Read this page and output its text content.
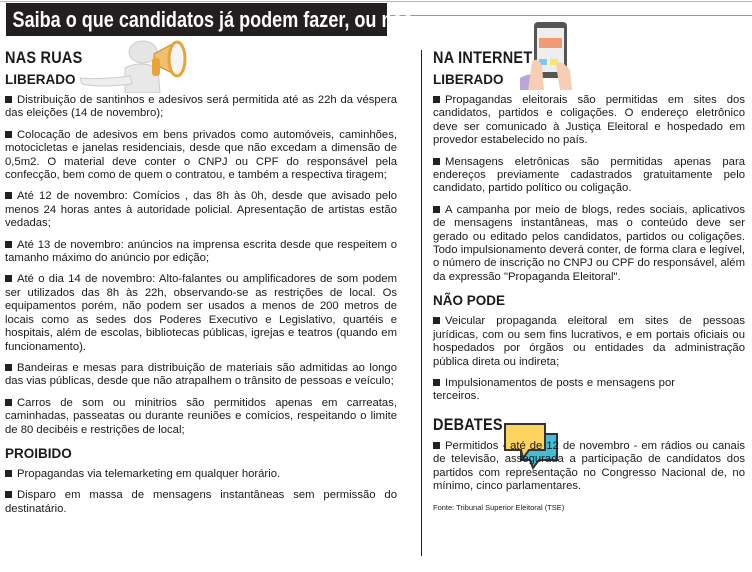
Saiba o que candidatos já podem fazer, ou não
NAS RUAS
LIBERADO

Distribuição de santinhos e adesivos será permitida até as 22h da véspera das eleições (14 de novembro);

Colocação de adesivos em bens privados como automóveis, caminhões, motocicletas e janelas residenciais, desde que não excedam a dimensão de 0,5m2. O material deve conter o CNPJ ou CPF do responsável pela confecção, bem como de quem o contratou, e também a respectiva tiragem;

Até 12 de novembro: Comícios , das 8h às 0h, desde que avisado pelo menos 24 horas antes à autoridade policial. Apresentação de artistas estão vedadas;

Até 13 de novembro: anúncios na imprensa escrita desde que respeitem o tamanho máximo do anúncio por edição;

Até o dia 14 de novembro: Alto-falantes ou amplificadores de som podem ser utilizados das 8h às 22h, observando-se as restrições de local. Os equipamentos porém, não podem ser usados a menos de 200 metros de locais como as sedes dos Poderes Executivo e Legislativo, quartéis e hospitais, além de escolas, bibliotecas públicas, igrejas e teatros (quando em funcionamento).

Bandeiras e mesas para distribuição de materiais são admitidas ao longo das vias públicas, desde que não atrapalhem o trânsito de pessoas e veículo;

Carros de som ou minitrios são permitidos apenas em carreatas, caminhadas, passeatas ou durante reuniões e comícios, respeitando o limite de 80 decibéis e restrições de local;

PROIBIDO

Propagandas via telemarketing em qualquer horário.

Disparo em massa de mensagens instantâneas sem permissão do destinatário.

NA INTERNET
LIBERADO

Propagandas eleitorais são permitidas em sites dos candidatos, partidos e coligações. O endereço eletrônico deve ser comunicado à Justiça Eleitoral e hospedado em provedor estabelecido no país.

Mensagens eletrônicas são permitidas apenas para endereços previamente cadastrados gratuitamente pelo candidato, partido político ou coligação.

A campanha por meio de blogs, redes sociais, aplicativos de mensagens instantâneas, mas o conteúdo deve ser gerado ou editado pelos candidatos, partidos ou coligações. Todo impulsionamento deverá conter, de forma clara e legível, o número de inscrição no CNPJ ou CPF do responsável, além da expressão "Propaganda Eleitoral".

NÃO PODE

Veicular propaganda eleitoral em sites de pessoas jurídicas, com ou sem fins lucrativos, e em portais oficiais ou hospedados por órgãos ou entidades da administração pública direta ou indireta;

Impulsionamentos de posts e mensagens por terceiros.

DEBATES

Permitidos - até de 12 de novembro - em rádios ou canais de televisão, assegurada a participação de candidatos dos partidos com representação no Congresso Nacional de, no mínimo, cinco parlamentares.

Fonte: Tribunal Superior Eleitoral (TSE)
